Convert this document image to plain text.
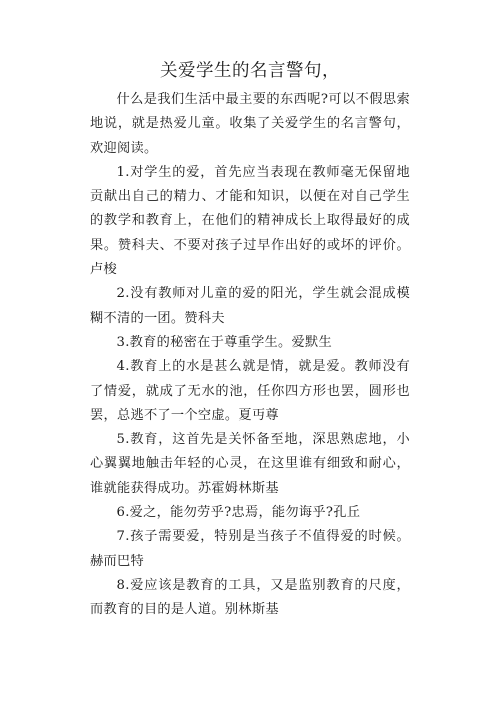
关爱学生的名言警句，

什么是我们生活中最主要的东西呢?可以不假思索地说，就是热爱儿童。收集了关爱学生的名言警句，欢迎阅读。

1.对学生的爱，首先应当表现在教师毫无保留地贡献出自己的精力、才能和知识，以便在对自己学生的教学和教育上，在他们的精神成长上取得最好的成果。赞科夫、不要对孩子过早作出好的或坏的评价。卢梭

2.没有教师对儿童的爱的阳光，学生就会混成模糊不清的一团。赞科夫

3.教育的秘密在于尊重学生。爱默生

4.教育上的水是甚么就是情，就是爱。教师没有了情爱，就成了无水的池，任你四方形也罢，圆形也罢，总逃不了一个空虚。夏丏尊

5.教育，这首先是关怀备至地，深思熟虑地，小心翼翼地触击年轻的心灵，在这里谁有细致和耐心，谁就能获得成功。苏霍姆林斯基

6.爱之，能勿劳乎?忠焉，能勿诲乎?孔丘

7.孩子需要爱，特别是当孩子不值得爱的时候。赫而巴特

8.爱应该是教育的工具，又是监别教育的尺度，而教育的目的是人道。别林斯基
